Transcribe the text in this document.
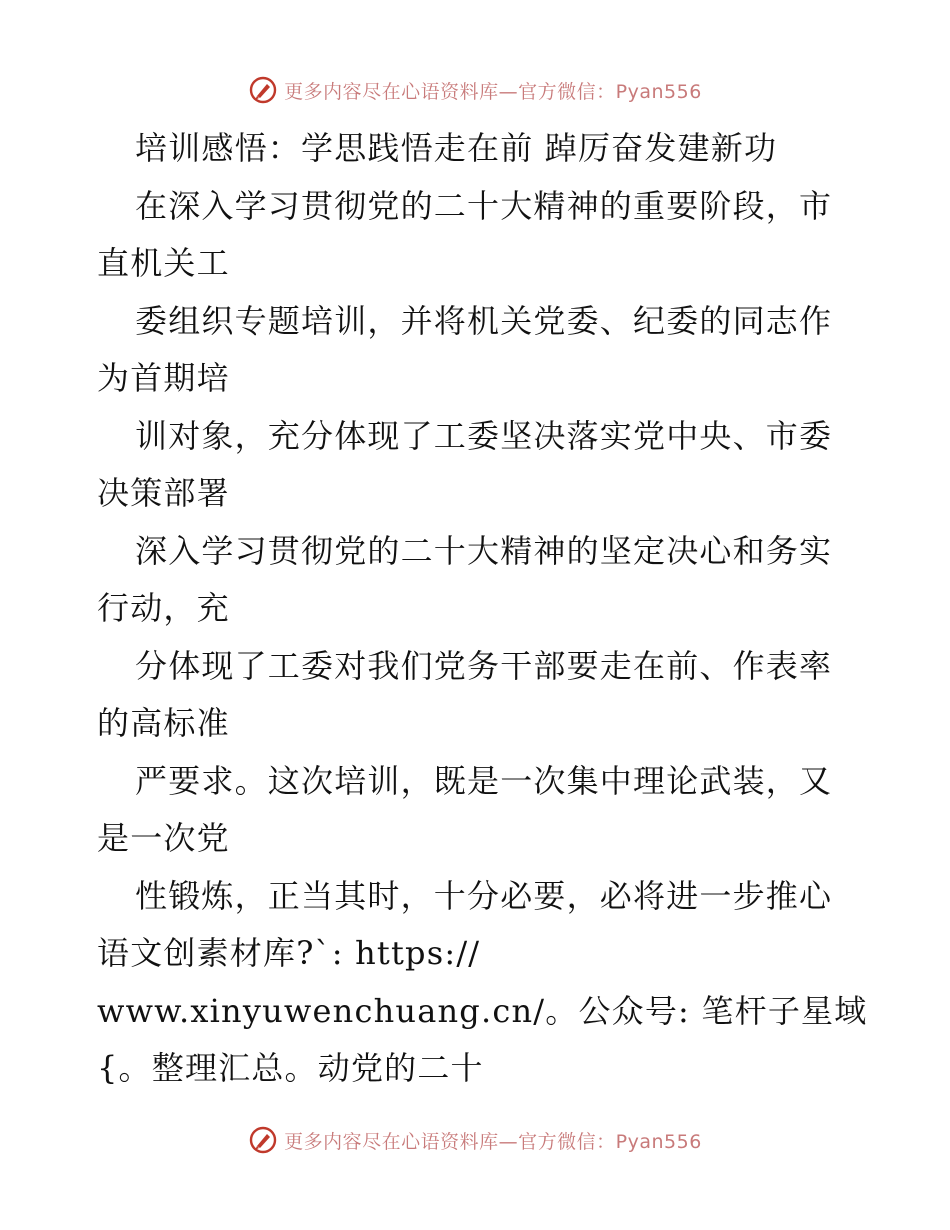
更多内容尽在心语资料库—官方微信：Pyan556
培训感悟：学思践悟走在前 踔厉奋发建新功
在深入学习贯彻党的二十大精神的重要阶段，市
直机关工
委组织专题培训，并将机关党委、纪委的同志作
为首期培
训对象，充分体现了工委坚决落实党中央、市委
决策部署
深入学习贯彻党的二十大精神的坚定决心和务实
行动，充
分体现了工委对我们党务干部要走在前、作表率
的高标准
严要求。这次培训，既是一次集中理论武装，又
是一次党
性锻炼，正当其时，十分必要，必将进一步推心
语文创素材库?`: https://
www.xinyuwenchuang.cn/。公众号: 笔杆子星域
{。整理汇总。动党的二十
更多内容尽在心语资料库—官方微信：Pyan556
